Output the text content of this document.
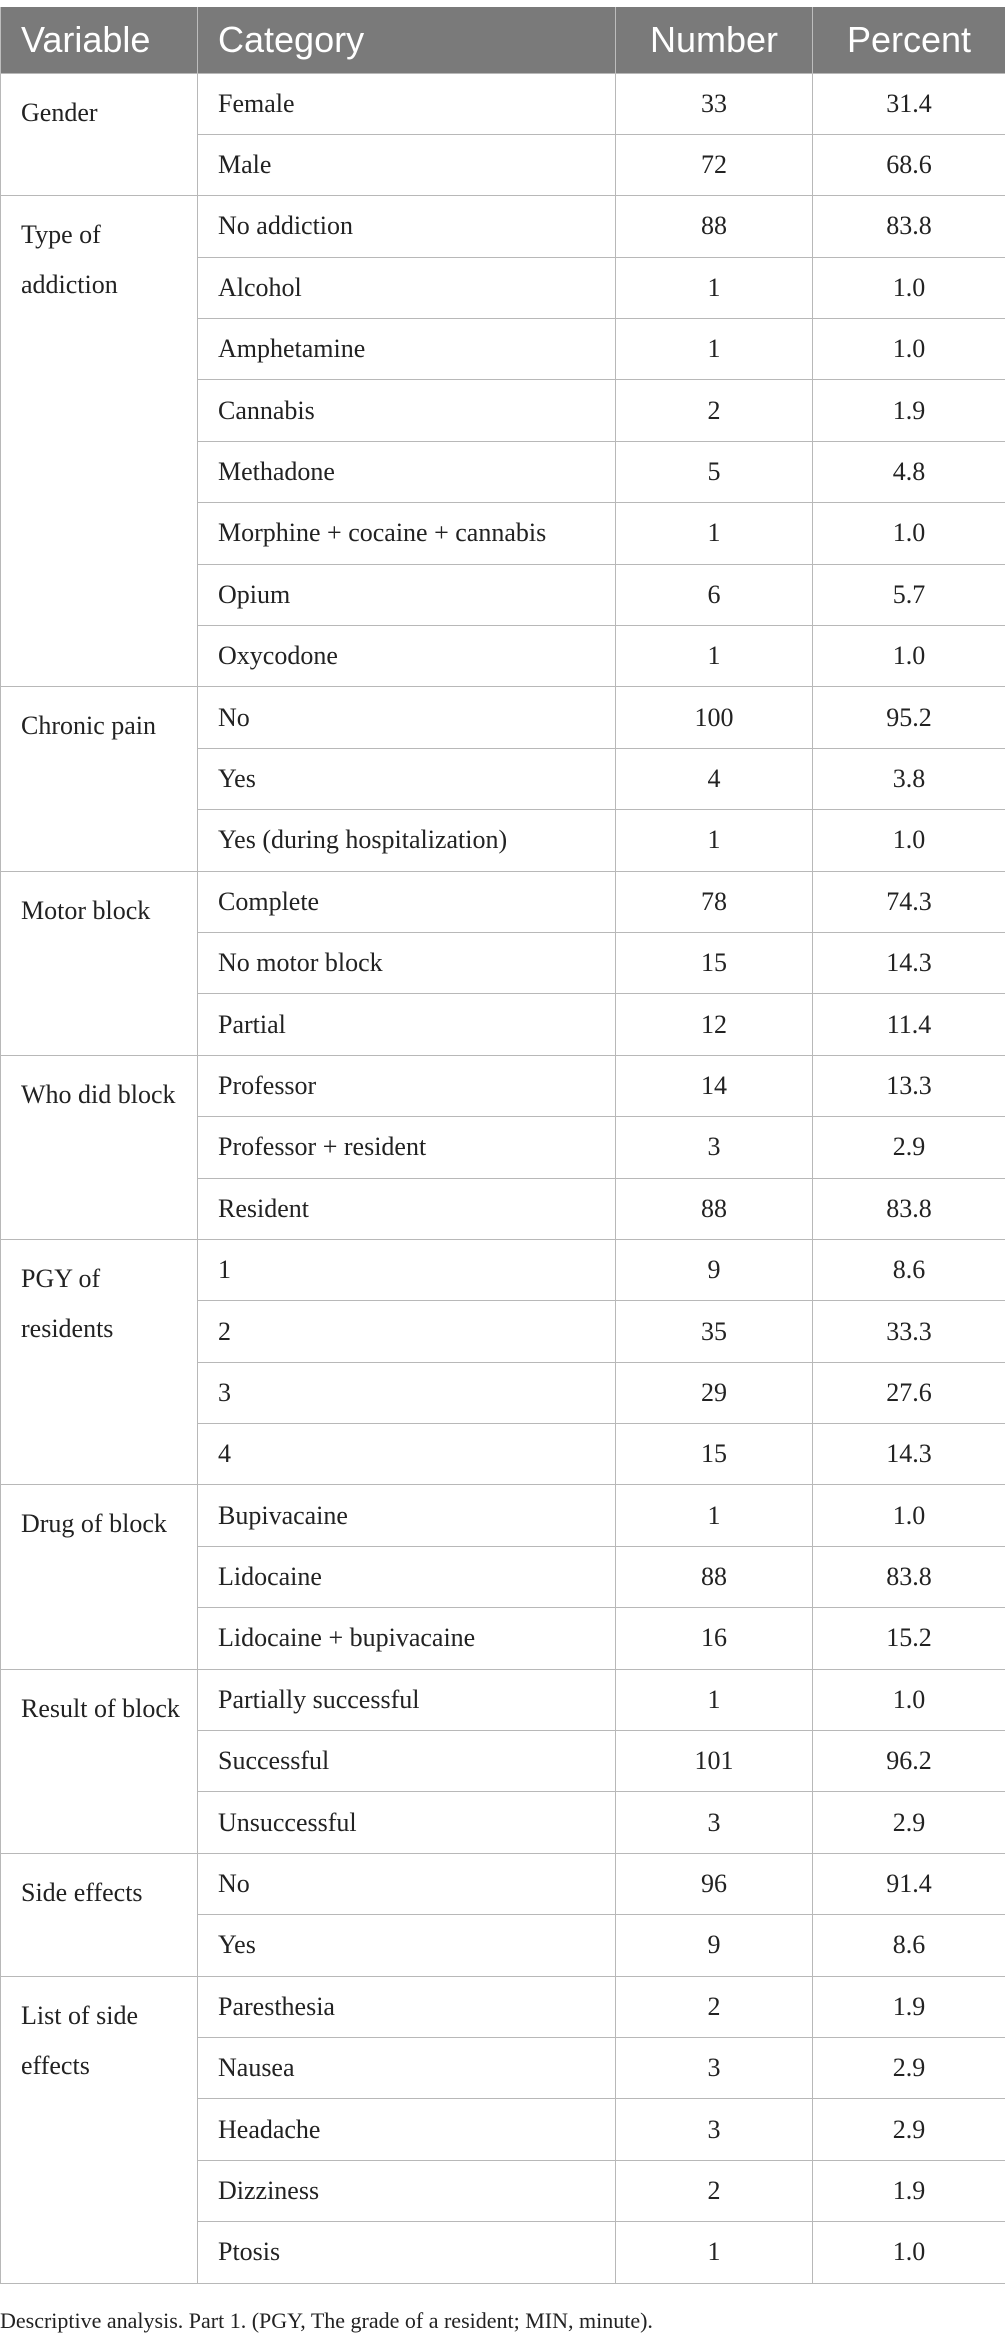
Variable	Category	Number	Percent

Gender	Female	33	31.4
	Male	72	68.6

Type of addiction	No addiction	88	83.8
	Alcohol	1	1.0
	Amphetamine	1	1.0
	Cannabis	2	1.9
	Methadone	5	4.8
	Morphine + cocaine + cannabis	1	1.0
	Opium	6	5.7
	Oxycodone	1	1.0

Chronic pain	No	100	95.2
	Yes	4	3.8
	Yes (during hospitalization)	1	1.0

Motor block	Complete	78	74.3
	No motor block	15	14.3
	Partial	12	11.4

Who did block	Professor	14	13.3
	Professor + resident	3	2.9
	Resident	88	83.8

PGY of residents	1	9	8.6
	2	35	33.3
	3	29	27.6
	4	15	14.3

Drug of block	Bupivacaine	1	1.0
	Lidocaine	88	83.8
	Lidocaine + bupivacaine	16	15.2

Result of block	Partially successful	1	1.0
	Successful	101	96.2
	Unsuccessful	3	2.9

Side effects	No	96	91.4
	Yes	9	8.6

List of side effects	Paresthesia	2	1.9
	Nausea	3	2.9
	Headache	3	2.9
	Dizziness	2	1.9
	Ptosis	1	1.0
Descriptive analysis. Part 1. (PGY, The grade of a resident; MIN, minute).
